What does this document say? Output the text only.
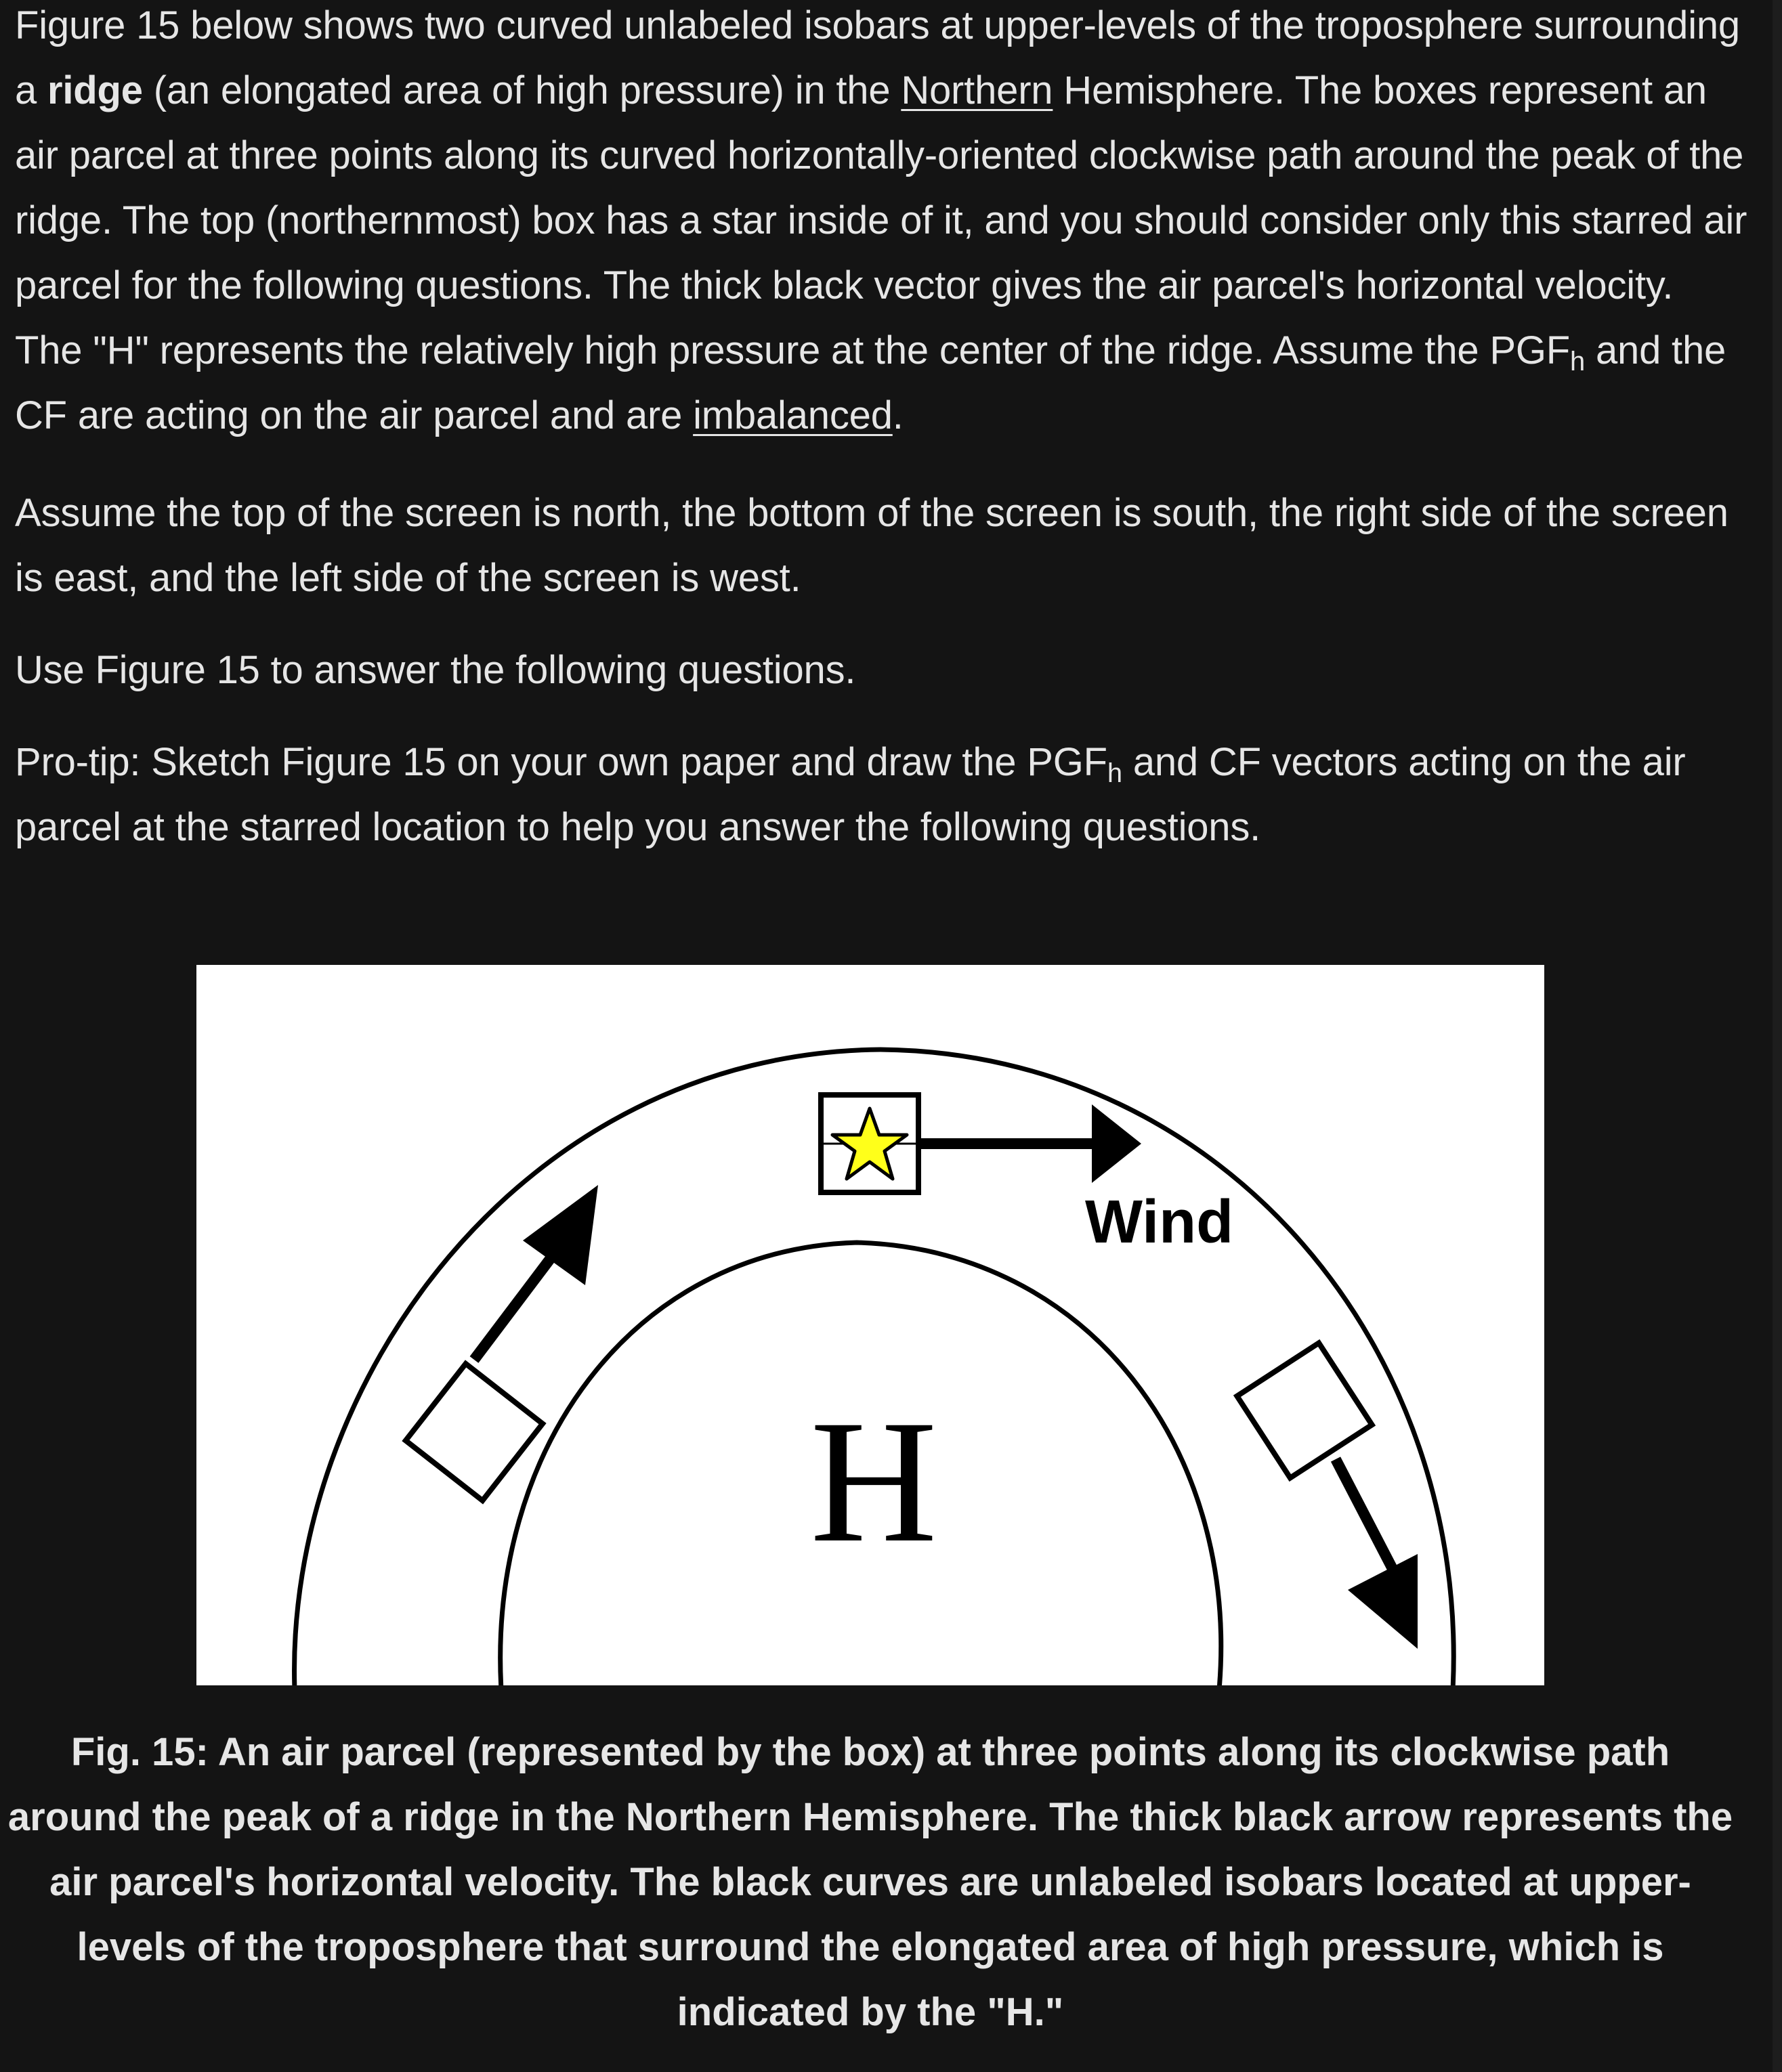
Figure 15 below shows two curved unlabeled isobars at upper-levels of the troposphere surrounding a ridge (an elongated area of high pressure) in the Northern Hemisphere. The boxes represent an air parcel at three points along its curved horizontally-oriented clockwise path around the peak of the ridge. The top (northernmost) box has a star inside of it, and you should consider only this starred air parcel for the following questions. The thick black vector gives the air parcel's horizontal velocity. The "H" represents the relatively high pressure at the center of the ridge. Assume the $PGF_h$ and the CF are acting on the air parcel and are imbalanced.

Assume the top of the screen is north, the bottom of the screen is south, the right side of the screen is east, and the left side of the screen is west.

Use Figure 15 to answer the following questions.

Pro-tip: Sketch Figure 15 on your own paper and draw the $PGF_h$ and CF vectors acting on the air parcel at the starred location to help you answer the following questions.

H
Wind

Fig. 15: An air parcel (represented by the box) at three points along its clockwise path around the peak of a ridge in the Northern Hemisphere. The thick black arrow represents the air parcel's horizontal velocity. The black curves are unlabeled isobars located at upper-levels of the troposphere that surround the elongated area of high pressure, which is indicated by the "H."
